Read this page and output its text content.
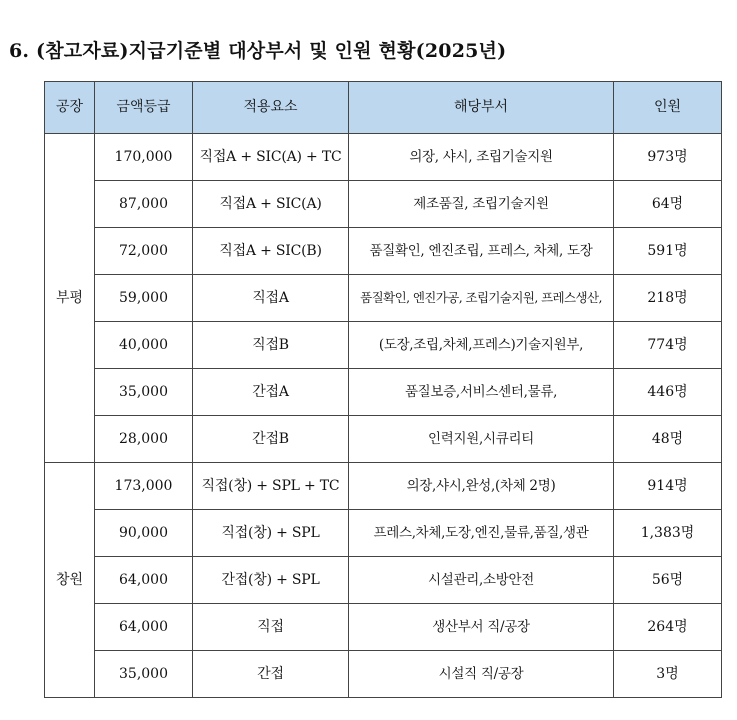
6. (참고자료)지급기준별 대상부서 및 인원 현황(2025년)
공장	금액등급	적용요소	해당부서	인원
부평	170,000	직접A + SIC(A) + TC	의장, 샤시, 조립기술지원	973명
	87,000	직접A + SIC(A)	제조품질, 조립기술지원	64명
	72,000	직접A + SIC(B)	품질확인, 엔진조립, 프레스, 차체, 도장	591명
	59,000	직접A	품질확인, 엔진가공, 조립기술지원, 프레스생산,	218명
	40,000	직접B	(도장,조립,차체,프레스)기술지원부,	774명
	35,000	간접A	품질보증,서비스센터,물류,	446명
	28,000	간접B	인력지원,시큐리티	48명
창원	173,000	직접(창) + SPL + TC	의장,샤시,완성,(차체 2명)	914명
	90,000	직접(창) + SPL	프레스,차체,도장,엔진,물류,품질,생관	1,383명
	64,000	간접(창) + SPL	시설관리,소방안전	56명
	64,000	직접	생산부서 직/공장	264명
	35,000	간접	시설직 직/공장	3명
